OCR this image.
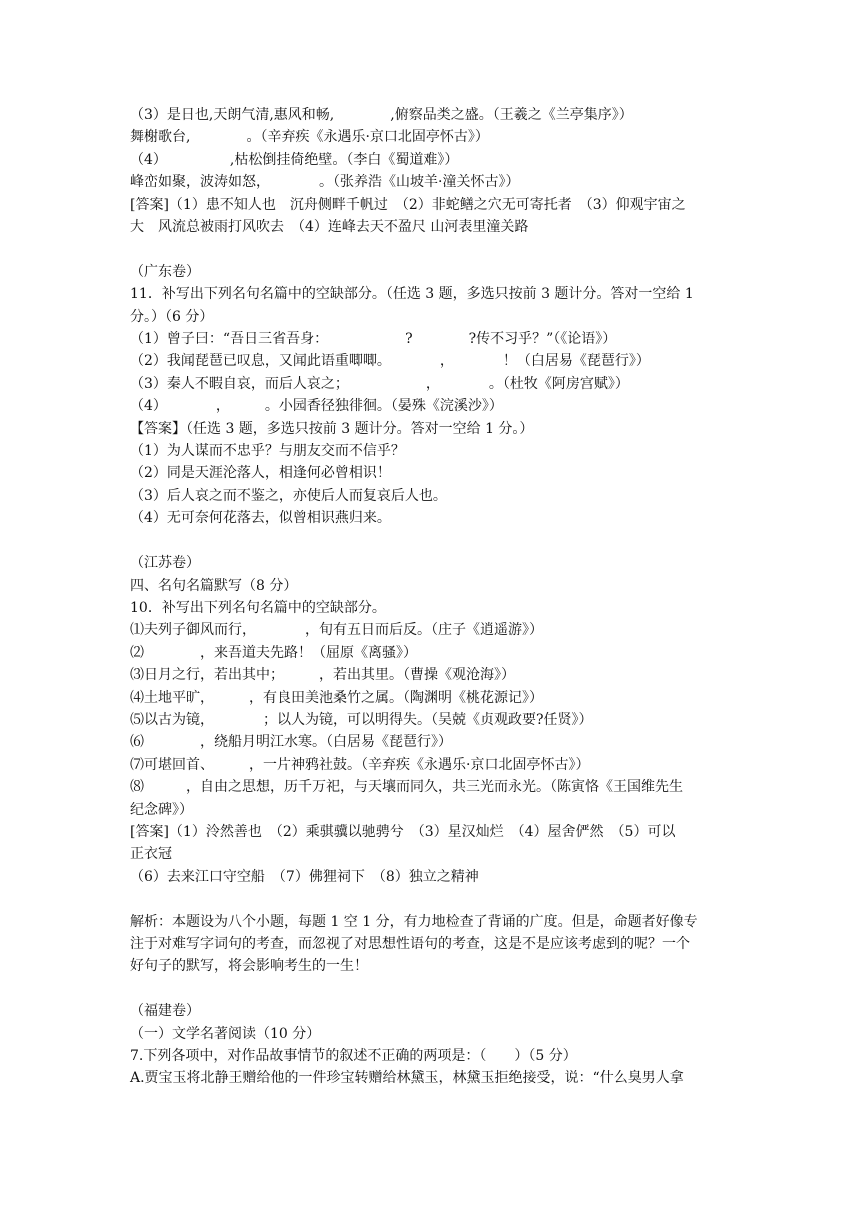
（3）是日也,天朗气清,惠风和畅,　　　　,俯察品类之盛。（王羲之《兰亭集序》）
舞榭歌台,　　　　。（辛弃疾《永遇乐·京口北固亭怀古》）
（4）　　　　　,枯松倒挂倚绝壁。（李白《蜀道难》）
峰峦如聚，波涛如怒，　　　　。（张养浩《山坡羊·潼关怀古》）
[答案]（1）患不知人也　沉舟侧畔千帆过　（2）非蛇鳝之穴无可寄托者　（3）仰观宇宙之
大　风流总被雨打风吹去　（4）连峰去天不盈尺 山河表里潼关路
（广东卷）
11．补写出下列名句名篇中的空缺部分。（任选 3 题，多选只按前 3 题计分。答对一空给 1
分。）（6 分）
（1）曾子曰：“吾日三省吾身：　　　　　　?　　　　?传不习乎？”（《论语》）
（2）我闻琵琶已叹息，又闻此语重唧唧。　　　　，　　　　！（白居易《琵琶行》）
（3）秦人不暇自哀，而后人哀之；　　　　　　，　　　　。（杜牧《阿房宫赋》）
（4）　　　　，　　　。小园香径独徘徊。（晏殊《浣溪沙》）
【答案】（任选 3 题，多选只按前 3 题计分。答对一空给 1 分。）
（1）为人谋而不忠乎？与朋友交而不信乎？
（2）同是天涯沦落人，相逢何必曾相识！
（3）后人哀之而不鉴之，亦使后人而复哀后人也。
（4）无可奈何花落去，似曾相识燕归来。
（江苏卷）
四、名句名篇默写（8 分）
10．补写出下列名句名篇中的空缺部分。
⑴夫列子御风而行，　　　　，旬有五日而后反。（庄子《逍遥游》）
⑵　　　　，来吾道夫先路！（屈原《离骚》）
⑶日月之行，若出其中；　　　，若出其里。（曹操《观沧海》）
⑷土地平旷，　　　，有良田美池桑竹之属。（陶渊明《桃花源记》）
⑸以古为镜，　　　　；以人为镜，可以明得失。（吴兢《贞观政要?任贤》）
⑹　　　　，绕船月明江水寒。（白居易《琵琶行》）
⑺可堪回首、　　　，一片神鸦社鼓。（辛弃疾《永遇乐·京口北固亭怀古》）
⑻　　　，自由之思想，历千万祀，与天壤而同久，共三光而永光。（陈寅恪《王国维先生
纪念碑》）
[答案]（1）泠然善也　（2）乘骐骥以驰骋兮　（3）星汉灿烂　（4）屋舍俨然　（5）可以
正衣冠
（6）去来江口守空船　（7）佛狸祠下　（8）独立之精神
解析：本题设为八个小题，每题 1 空 1 分，有力地检查了背诵的广度。但是，命题者好像专
注于对难写字词句的考查，而忽视了对思想性语句的考查，这是不是应该考虑到的呢？一个
好句子的默写，将会影响考生的一生！
（福建卷）
（一）文学名著阅读（10 分）
7.下列各项中，对作品故事情节的叙述不正确的两项是：（　　）（5 分）
A.贾宝玉将北静王赠给他的一件珍宝转赠给林黛玉，林黛玉拒绝接受，说：“什么臭男人拿
